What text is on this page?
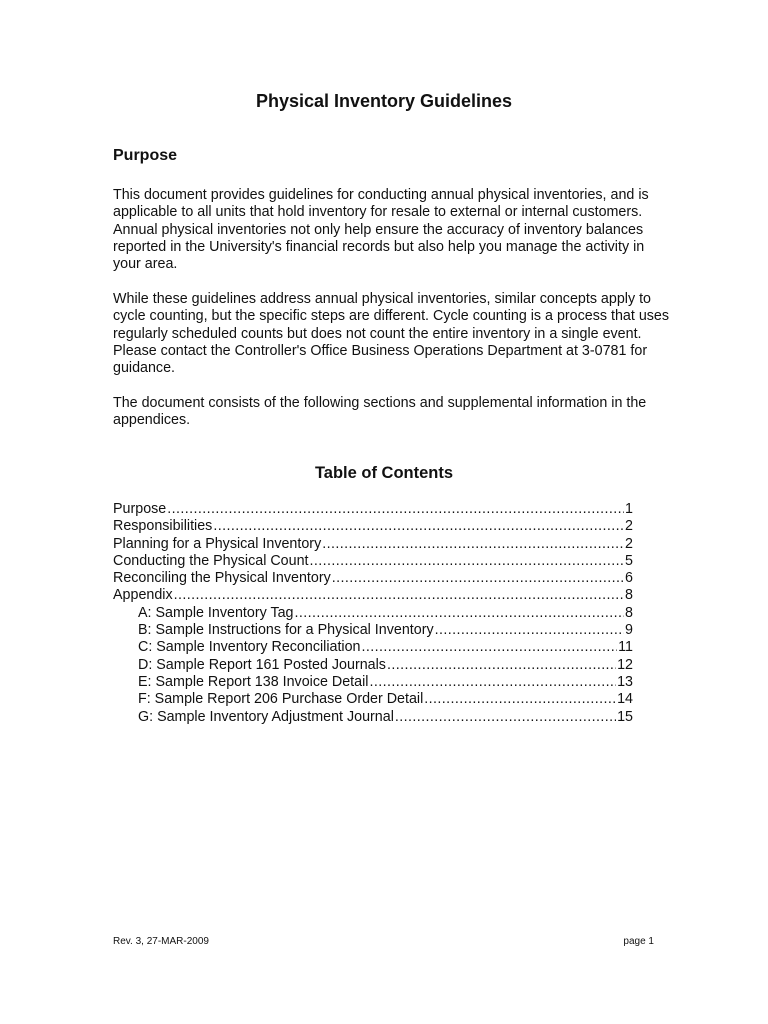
Physical Inventory Guidelines
Purpose

This document provides guidelines for conducting annual physical inventories, and is applicable to all units that hold inventory for resale to external or internal customers. Annual physical inventories not only help ensure the accuracy of inventory balances reported in the University's financial records but also help you manage the activity in your area.

While these guidelines address annual physical inventories, similar concepts apply to cycle counting, but the specific steps are different. Cycle counting is a process that uses regularly scheduled counts but does not count the entire inventory in a single event. Please contact the Controller's Office Business Operations Department at 3-0781 for guidance.

The document consists of the following sections and supplemental information in the appendices.

Table of Contents
Purpose .....	1
Responsibilities .....	2
Planning for a Physical Inventory .....	2
Conducting the Physical Count .....	5
Reconciling the Physical Inventory .....	6
Appendix .....	8
A: Sample Inventory Tag .....	8
B: Sample Instructions for a Physical Inventory .....	9
C: Sample Inventory Reconciliation .....	11
D: Sample Report 161 Posted Journals .....	12
E: Sample Report 138 Invoice Detail .....	13
F: Sample Report 206 Purchase Order Detail .....	14
G: Sample Inventory Adjustment Journal .....	15
Rev. 3, 27-MAR-2009	page 1
